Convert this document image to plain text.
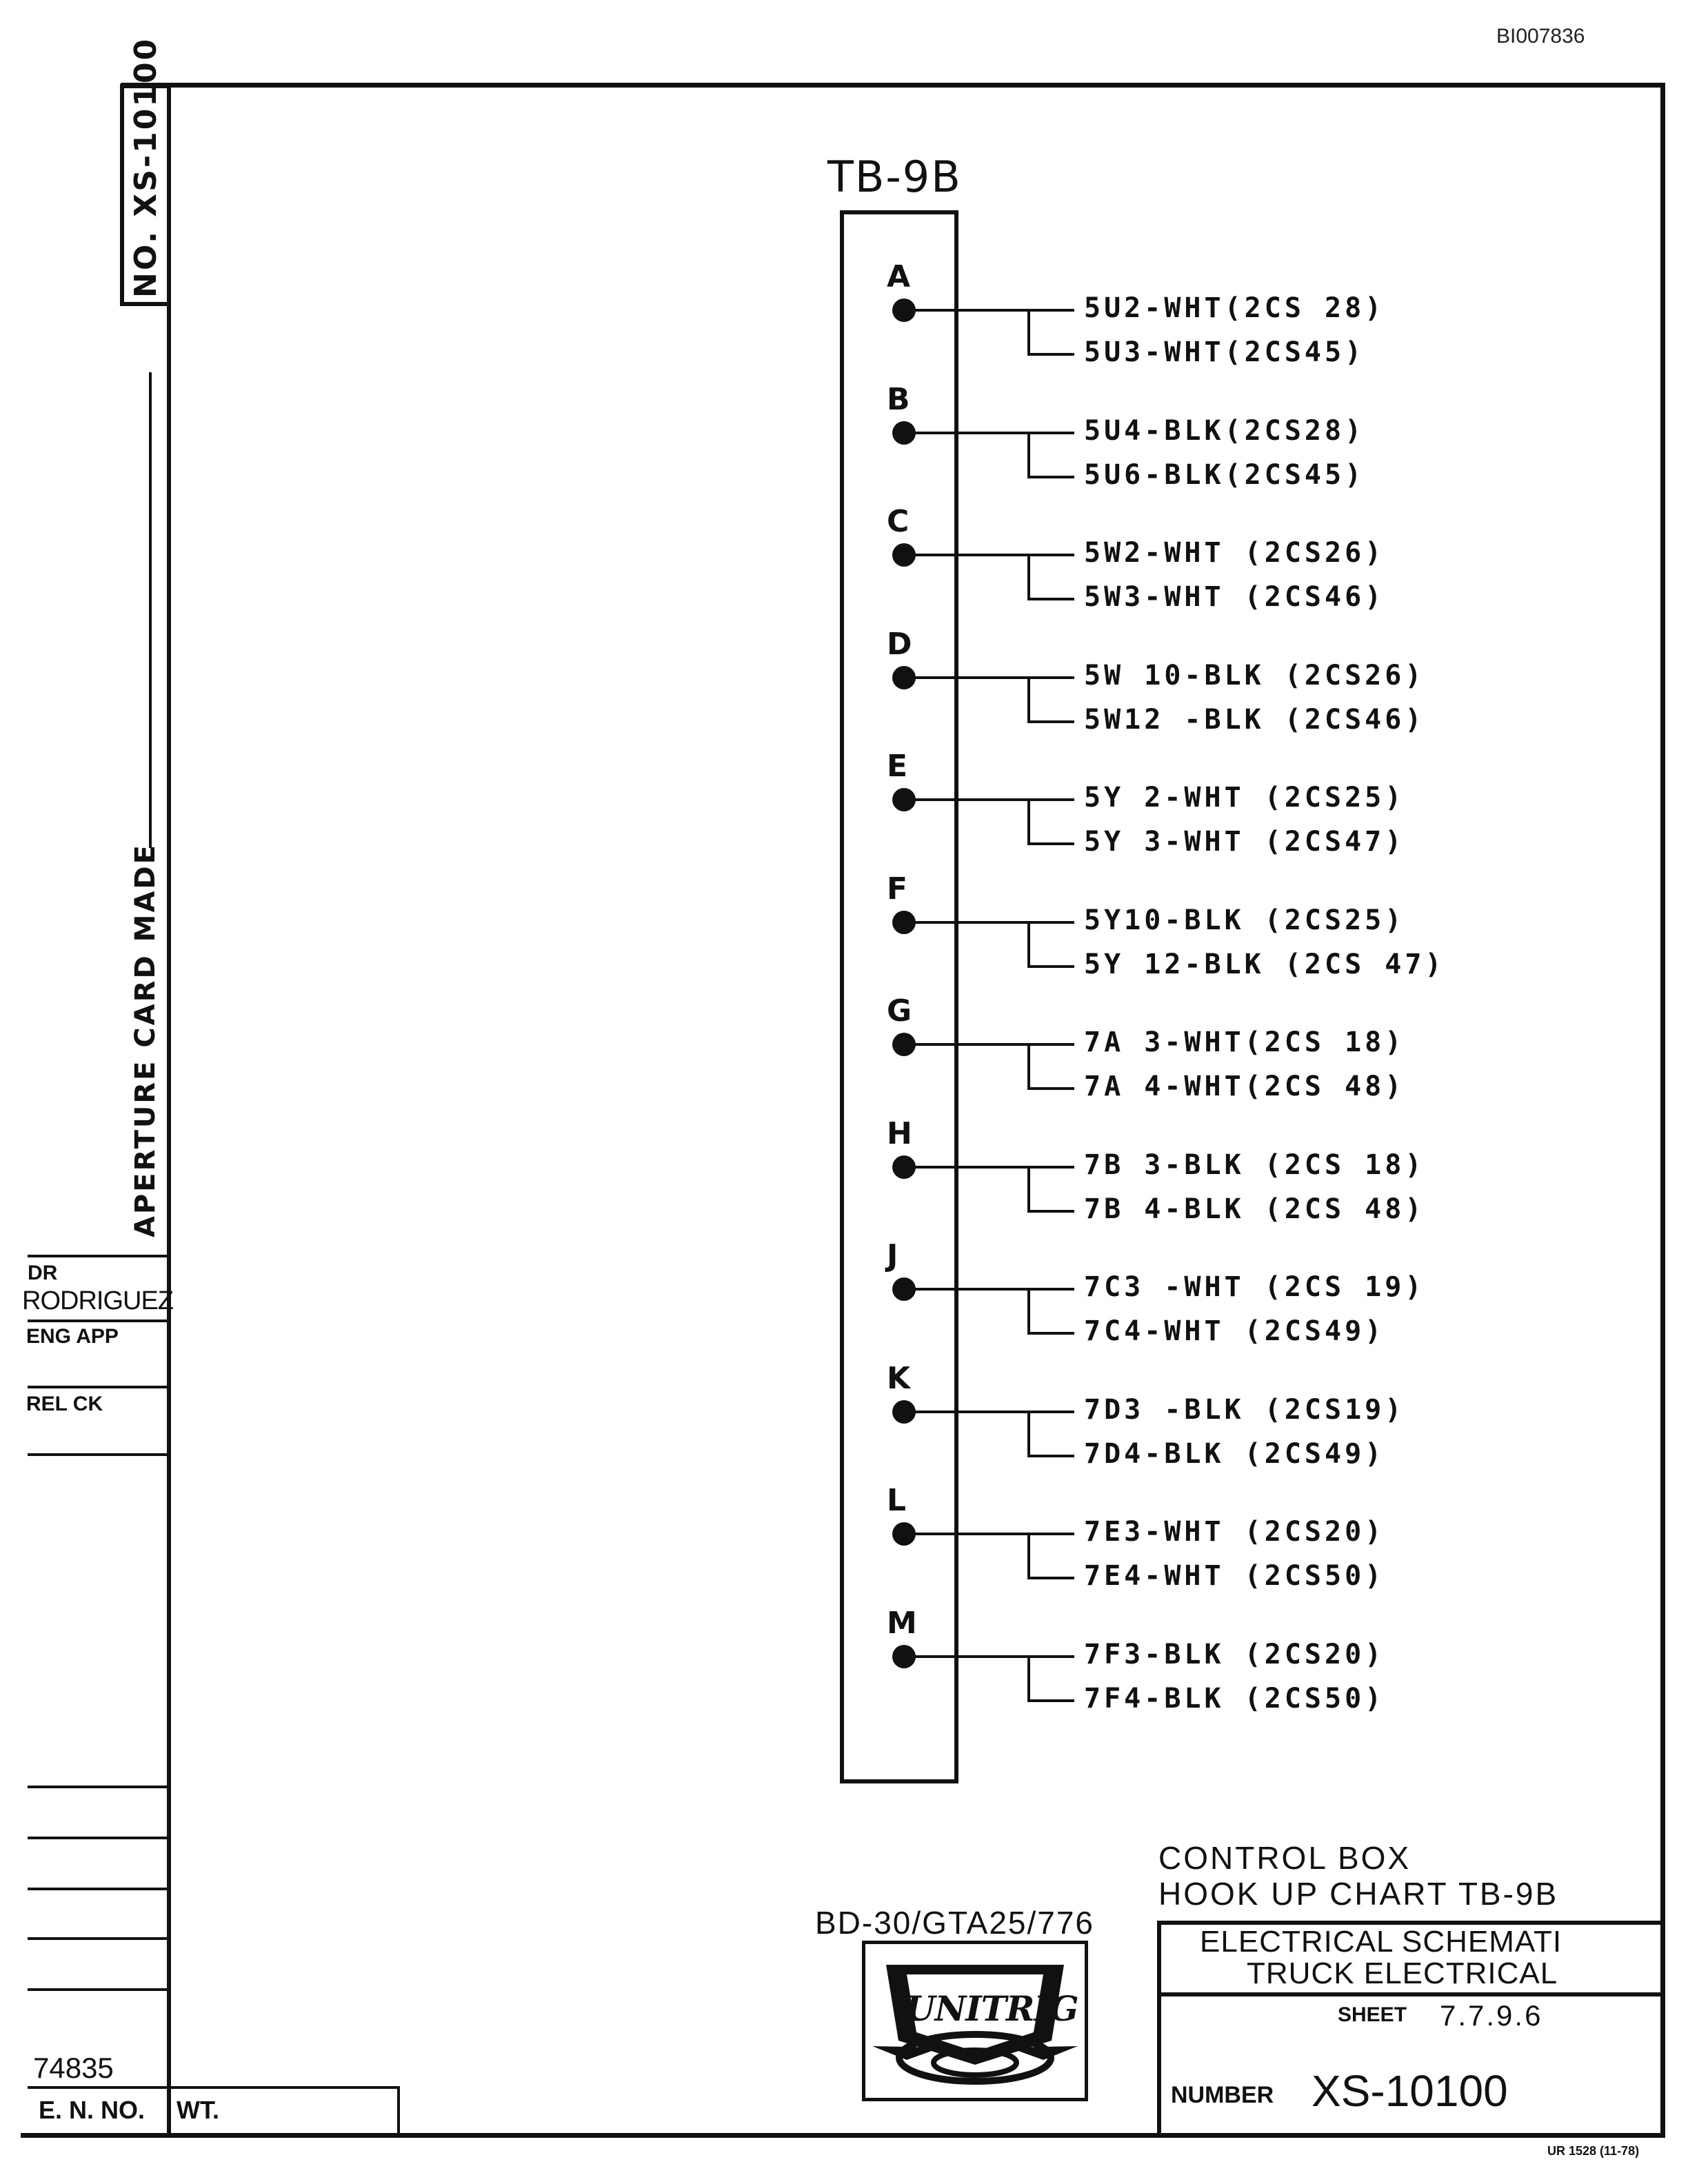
BI007836
NO. XS-10100
APERTURE CARD MADE
DR
RODRIGUEZ
ENG APP
REL CK
74835
E. N. NO. WT.
TB-9B
A
5U2-WHT(2CS 28)
5U3-WHT(2CS45)
B
5U4-BLK(2CS28)
5U6-BLK(2CS45)
C
5W2-WHT (2CS26)
5W3-WHT (2CS46)
D
5W 10-BLK (2CS26)
5W12 -BLK (2CS46)
E
5Y 2-WHT (2CS25)
5Y 3-WHT (2CS47)
F
5Y10-BLK (2CS25)
5Y 12-BLK (2CS 47)
G
7A 3-WHT(2CS 18)
7A 4-WHT(2CS 48)
H
7B 3-BLK (2CS 18)
7B 4-BLK (2CS 48)
J
7C3 -WHT (2CS 19)
7C4-WHT (2CS49)
K
7D3 -BLK (2CS19)
7D4-BLK (2CS49)
L
7E3-WHT (2CS20)
7E4-WHT (2CS50)
M
7F3-BLK (2CS20)
7F4-BLK (2CS50)
CONTROL BOX
HOOK UP CHART TB-9B
BD-30/GTA25/776
UNITRIG
ELECTRICAL SCHEMATI
TRUCK ELECTRICAL
SHEET 7.7.9.6
NUMBER XS-10100
UR 1528 (11-78)
